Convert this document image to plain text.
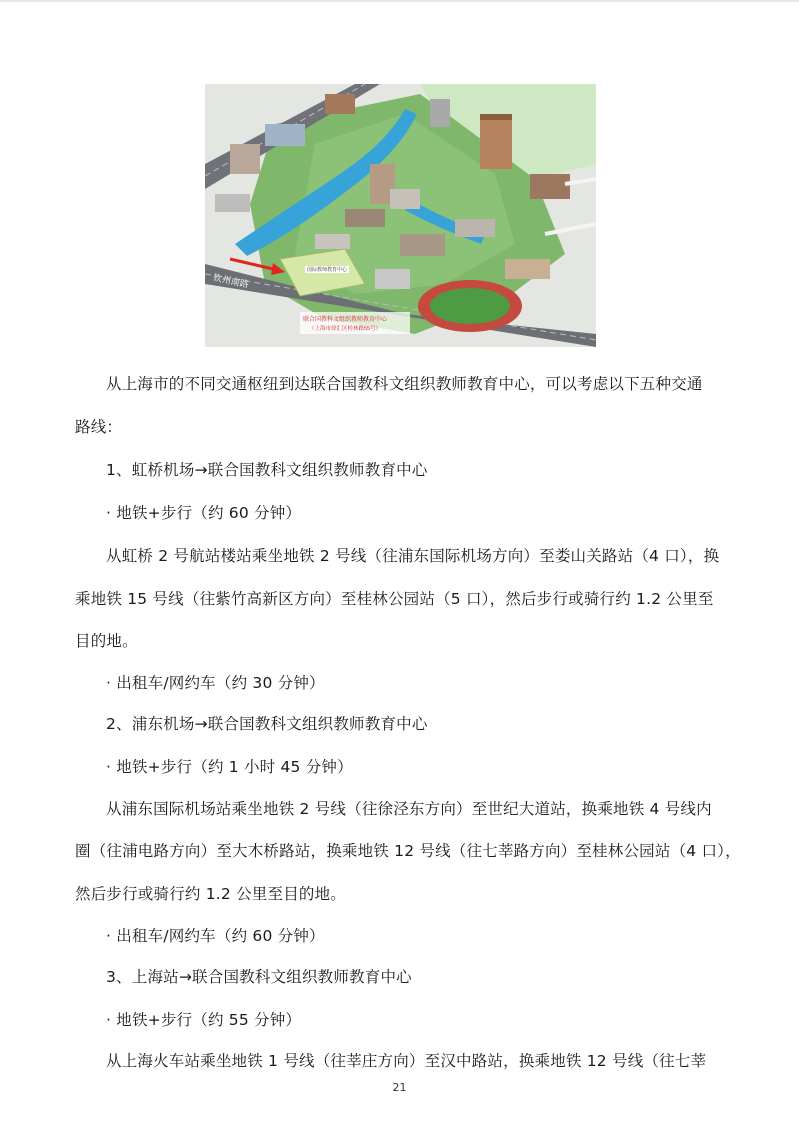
钦州南路
国际教师教育中心
联合国教科文组织教师教育中心
（上海市徐汇区桂林路55号）
从上海市的不同交通枢纽到达联合国教科文组织教师教育中心，可以考虑以下五种交通
路线：
1、虹桥机场→联合国教科文组织教师教育中心
· 地铁+步行（约 60 分钟）
从虹桥 2 号航站楼站乘坐地铁 2 号线（往浦东国际机场方向）至娄山关路站（4 口），换
乘地铁 15 号线（往紫竹高新区方向）至桂林公园站（5 口），然后步行或骑行约 1.2 公里至
目的地。
· 出租车/网约车（约 30 分钟）
2、浦东机场→联合国教科文组织教师教育中心
· 地铁+步行（约 1 小时 45 分钟）
从浦东国际机场站乘坐地铁 2 号线（往徐泾东方向）至世纪大道站，换乘地铁 4 号线内
圈（往浦电路方向）至大木桥路站，换乘地铁 12 号线（往七莘路方向）至桂林公园站（4 口），
然后步行或骑行约 1.2 公里至目的地。
· 出租车/网约车（约 60 分钟）
3、上海站→联合国教科文组织教师教育中心
· 地铁+步行（约 55 分钟）
从上海火车站乘坐地铁 1 号线（往莘庄方向）至汉中路站，换乘地铁 12 号线（往七莘
21
